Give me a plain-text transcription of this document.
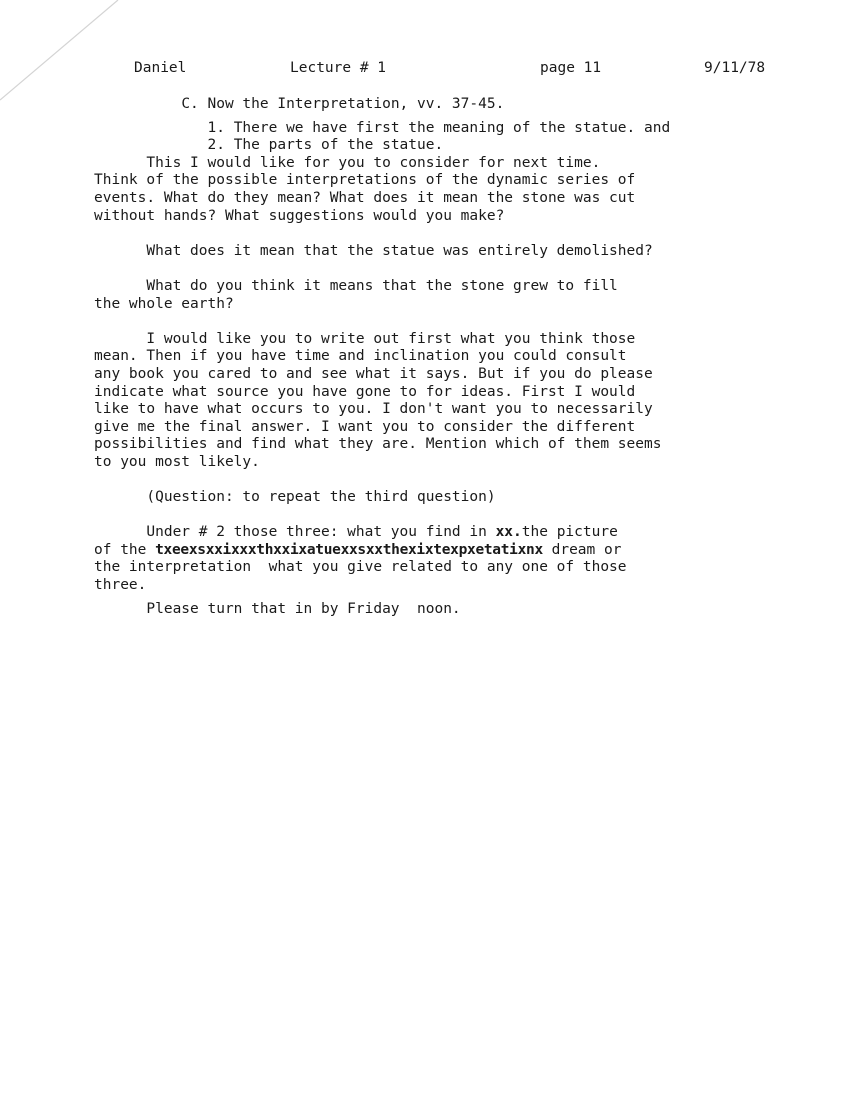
Daniel	Lecture # 1	page 11	9/11/78
C. Now the Interpretation, vv. 37-45.
1. There we have first the meaning of the statue. and
2. The parts of the statue.
This I would like for you to consider for next time.
Think of the possible interpretations of the dynamic series of
events. What do they mean? What does it mean the stone was cut
without hands? What suggestions would you make?
What does it mean that the statue was entirely demolished?
What do you think it means that the stone grew to fill
the whole earth?
I would like you to write out first what you think those
mean. Then if you have time and inclination you could consult
any book you cared to and see what it says. But if you do please
indicate what source you have gone to for ideas. First I would
like to have what occurs to you. I don't want you to necessarily
give me the final answer. I want you to consider the different
possibilities and find what they are. Mention which of them seems
to you most likely.
(Question: to repeat the third question)
Under # 2 those three: what you find in xx.the picture
of the txeexsxxixxxthxxixatuexxsxxthexixtexpxetatixnx dream or
the interpretation  what you give related to any one of those
three.
Please turn that in by Friday  noon.
